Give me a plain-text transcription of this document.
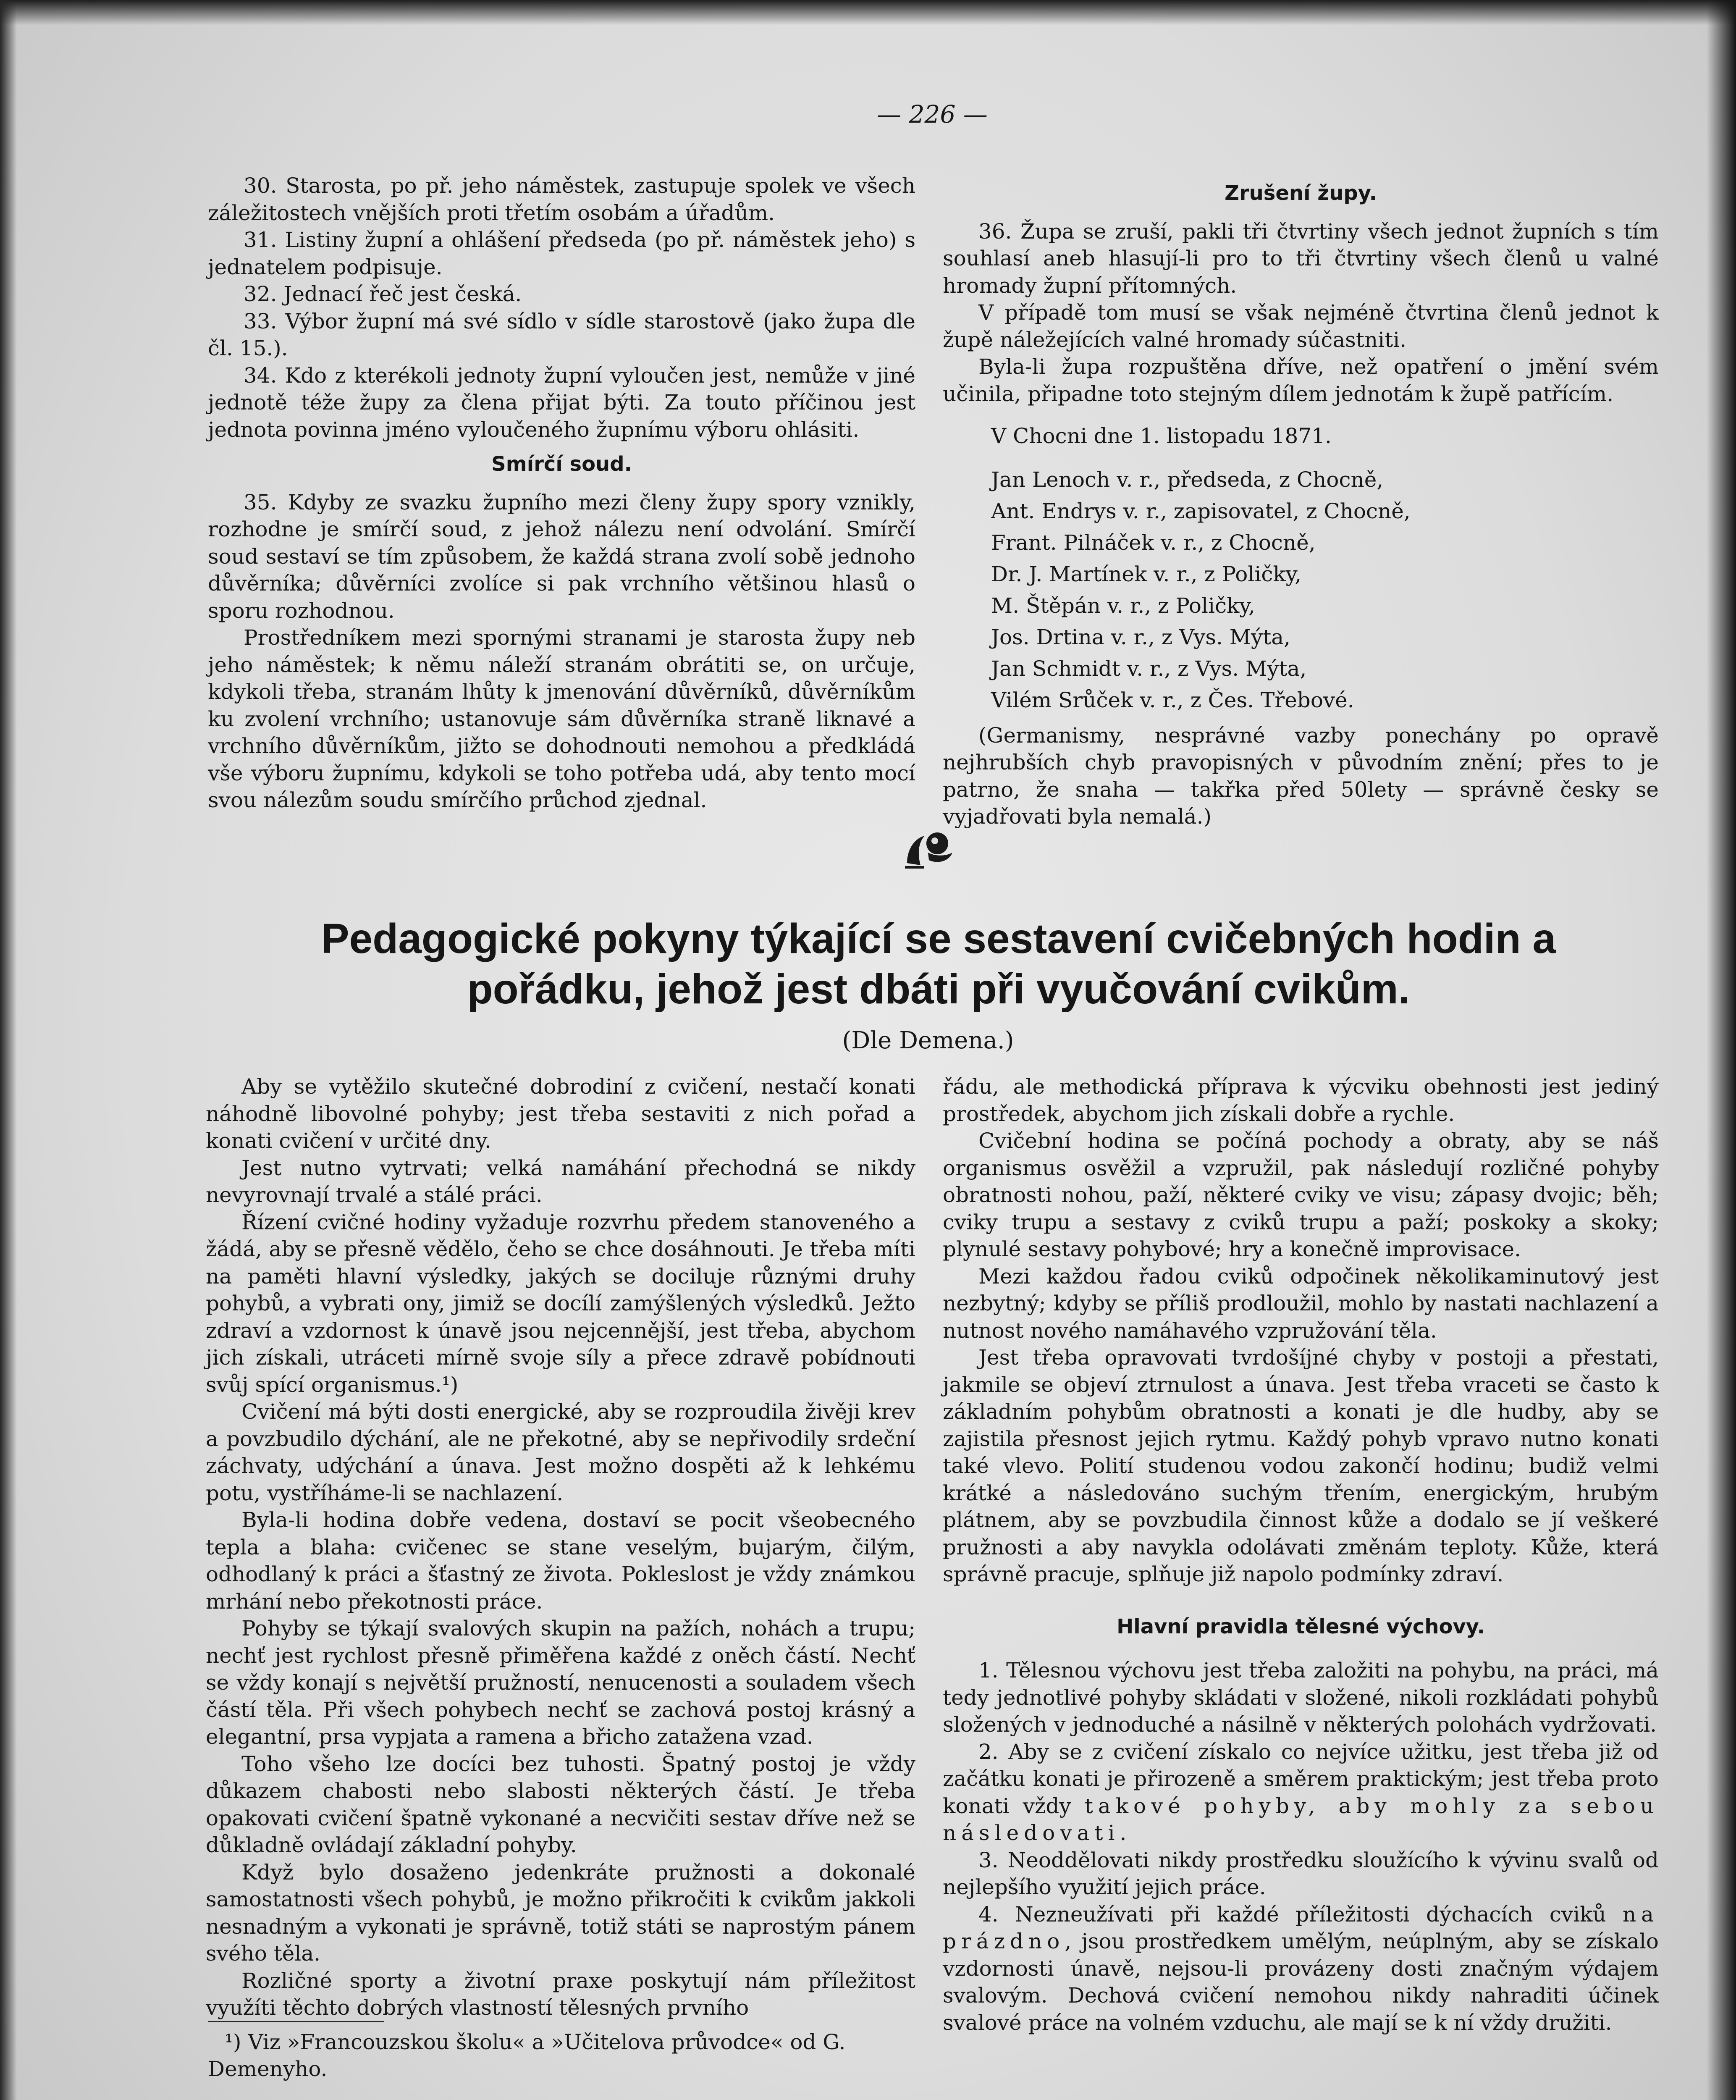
— 226 —

30. Starosta, po př. jeho náměstek, zastupuje spolek ve všech záležitostech vnějších proti třetím osobám a úřadům.

31. Listiny župní a ohlášení předseda (po př. náměstek jeho) s jednatelem podpisuje.

32. Jednací řeč jest česká.

33. Výbor župní má své sídlo v sídle starostově (jako župa dle čl. 15.).

34. Kdo z kterékoli jednoty župní vyloučen jest, nemůže v jiné jednotě téže župy za člena přijat býti. Za touto příčinou jest jednota povinna jméno vyloučeného župnímu výboru ohlásiti.

Smírčí soud.

35. Kdyby ze svazku župního mezi členy župy spory vznikly, rozhodne je smírčí soud, z jehož nálezu není odvolání. Smírčí soud sestaví se tím způsobem, že každá strana zvolí sobě jednoho důvěrníka; důvěrníci zvolíce si pak vrchního většinou hlasů o sporu rozhodnou.

Prostředníkem mezi spornými stranami je starosta župy neb jeho náměstek; k němu náleží stranám obrátiti se, on určuje, kdykoli třeba, stranám lhůty k jmenování důvěrníků, důvěrníkům ku zvolení vrchního; ustanovuje sám důvěrníka straně liknavé a vrchního důvěrníkům, jižto se dohodnouti nemohou a předkládá vše výboru župnímu, kdykoli se toho potřeba udá, aby tento mocí svou nálezům soudu smírčího průchod zjednal.

Zrušení župy.

36. Župa se zruší, pakli tři čtvrtiny všech jednot župních s tím souhlasí aneb hlasují-li pro to tři čtvrtiny všech členů u valné hromady župní přítomných.

V případě tom musí se však nejméně čtvrtina členů jednot k župě náležejících valné hromady súčastniti.

Byla-li župa rozpuštěna dříve, než opatření o jmění svém učinila, připadne toto stejným dílem jednotám k župě patřícím.

V Chocni dne 1. listopadu 1871.

Jan Lenoch v. r., předseda, z Chocně,
Ant. Endrys v. r., zapisovatel, z Chocně,
Frant. Pilnáček v. r., z Chocně,
Dr. J. Martínek v. r., z Poličky,
M. Štěpán v. r., z Poličky,
Jos. Drtina v. r., z Vys. Mýta,
Jan Schmidt v. r., z Vys. Mýta,
Vilém Srůček v. r., z Čes. Třebové.

(Germanismy, nesprávné vazby ponechány po opravě nejhrubších chyb pravopisných v původním znění; přes to je patrno, že snaha — takřka před 50lety — správně česky se vyjadřovati byla nemalá.)

Pedagogické pokyny týkající se sestavení cvičebných hodin a
pořádku, jehož jest dbáti při vyučování cvikům.
(Dle Demena.)

Aby se vytěžilo skutečné dobrodiní z cvičení, nestačí konati náhodně libovolné pohyby; jest třeba sestaviti z nich pořad a konati cvičení v určité dny.

Jest nutno vytrvati; velká namáhání přechodná se nikdy nevyrovnají trvalé a stálé práci.

Řízení cvičné hodiny vyžaduje rozvrhu předem stanoveného a žádá, aby se přesně vědělo, čeho se chce dosáhnouti. Je třeba míti na paměti hlavní výsledky, jakých se dociluje různými druhy pohybů, a vybrati ony, jimiž se docílí zamýšlených výsledků. Ježto zdraví a vzdornost k únavě jsou nejcennější, jest třeba, abychom jich získali, utráceti mírně svoje síly a přece zdravě pobídnouti svůj spící organismus.¹)

Cvičení má býti dosti energické, aby se rozproudila živěji krev a povzbudilo dýchání, ale ne překotné, aby se nepřivodily srdeční záchvaty, udýchání a únava. Jest možno dospěti až k lehkému potu, vystříháme-li se nachlazení.

Byla-li hodina dobře vedena, dostaví se pocit všeobecného tepla a blaha: cvičenec se stane veselým, bujarým, čilým, odhodlaný k práci a šťastný ze života. Pokleslost je vždy známkou mrhání nebo překotnosti práce.

Pohyby se týkají svalových skupin na pažích, nohách a trupu; nechť jest rychlost přesně přiměřena každé z oněch částí. Nechť se vždy konají s největší pružností, nenucenosti a souladem všech částí těla. Při všech pohybech nechť se zachová postoj krásný a elegantní, prsa vypjata a ramena a břicho zatažena vzad.

Toho všeho lze docíci bez tuhosti. Špatný postoj je vždy důkazem chabosti nebo slabosti některých částí. Je třeba opakovati cvičení špatně vykonané a necvičiti sestav dříve než se důkladně ovládají základní pohyby.

Když bylo dosaženo jedenkráte pružnosti a dokonalé samostatnosti všech pohybů, je možno přikročiti k cvikům jakkoli nesnadným a vykonati je správně, totiž státi se naprostým pánem svého těla.

Rozličné sporty a životní praxe poskytují nám příležitost využíti těchto dobrých vlastností tělesných prvního

¹) Viz »Francouzskou školu« a »Učitelova průvodce« od G. Demenyho.

řádu, ale methodická příprava k výcviku obehnosti jest jediný prostředek, abychom jich získali dobře a rychle.

Cvičební hodina se počíná pochody a obraty, aby se náš organismus osvěžil a vzpružil, pak následují rozličné pohyby obratnosti nohou, paží, některé cviky ve visu; zápasy dvojic; běh; cviky trupu a sestavy z cviků trupu a paží; poskoky a skoky; plynulé sestavy pohybové; hry a konečně improvisace.

Mezi každou řadou cviků odpočinek několikaminutový jest nezbytný; kdyby se příliš prodloužil, mohlo by nastati nachlazení a nutnost nového namáhavého vzpružování těla.

Jest třeba opravovati tvrdošíjné chyby v postoji a přestati, jakmile se objeví ztrnulost a únava. Jest třeba vraceti se často k základním pohybům obratnosti a konati je dle hudby, aby se zajistila přesnost jejich rytmu. Každý pohyb vpravo nutno konati také vlevo. Polití studenou vodou zakončí hodinu; budiž velmi krátké a následováno suchým třením, energickým, hrubým plátnem, aby se povzbudila činnost kůže a dodalo se jí veškeré pružnosti a aby navykla odolávati změnám teploty. Kůže, která správně pracuje, splňuje již napolo podmínky zdraví.

Hlavní pravidla tělesné výchovy.

1. Tělesnou výchovu jest třeba založiti na pohybu, na práci, má tedy jednotlivé pohyby skládati v složené, nikoli rozkládati pohybů složených v jednoduché a násilně v některých polohách vydržovati.

2. Aby se z cvičení získalo co nejvíce užitku, jest třeba již od začátku konati je přirozeně a směrem praktickým; jest třeba proto konati vždy takové pohyby, aby mohly za sebou následovati.

3. Neoddělovati nikdy prostředku sloužícího k vývinu svalů od nejlepšího využití jejich práce.

4. Nezneužívati při každé příležitosti dýchacích cviků na prázdno, jsou prostředkem umělým, neúplným, aby se získalo vzdornosti únavě, nejsou-li provázeny dosti značným výdajem svalovým. Dechová cvičení nemohou nikdy nahraditi účinek svalové práce na volném vzduchu, ale mají se k ní vždy družiti.
